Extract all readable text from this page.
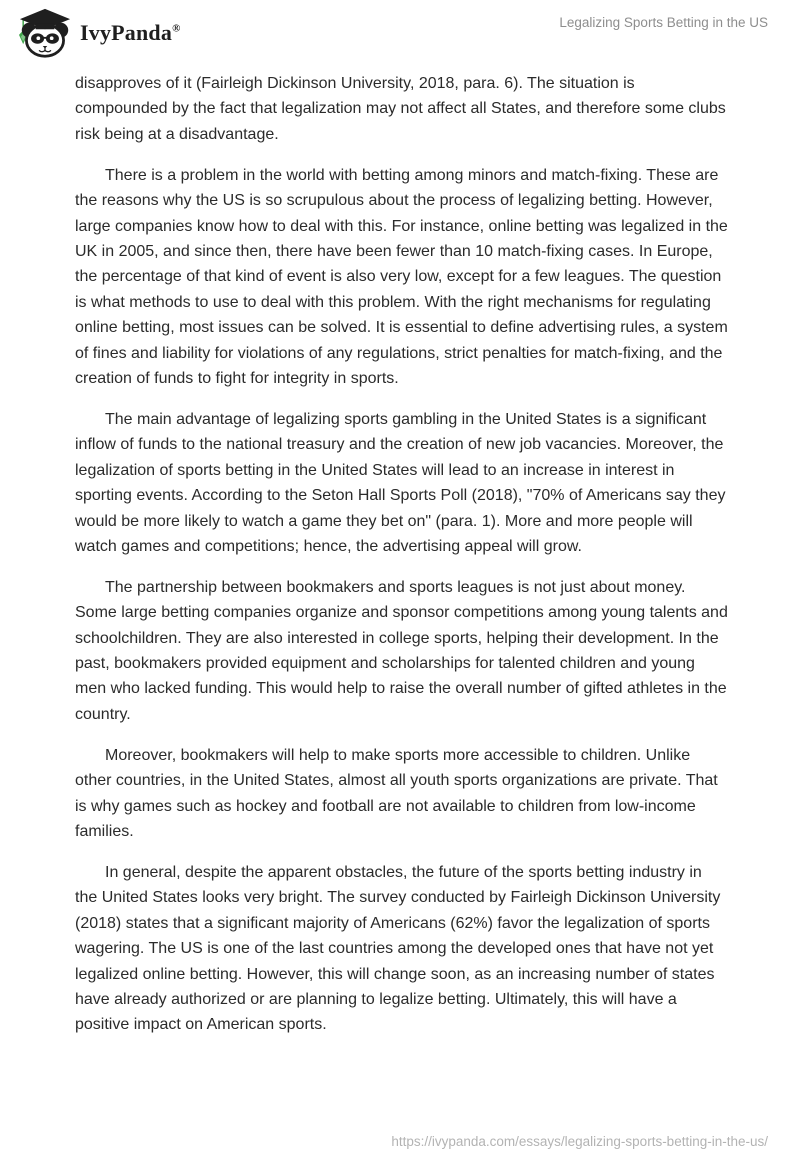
IvyPanda®	Legalizing Sports Betting in the US

disapproves of it (Fairleigh Dickinson University, 2018, para. 6). The situation is compounded by the fact that legalization may not affect all States, and therefore some clubs risk being at a disadvantage.

There is a problem in the world with betting among minors and match-fixing. These are the reasons why the US is so scrupulous about the process of legalizing betting. However, large companies know how to deal with this. For instance, online betting was legalized in the UK in 2005, and since then, there have been fewer than 10 match-fixing cases. In Europe, the percentage of that kind of event is also very low, except for a few leagues. The question is what methods to use to deal with this problem. With the right mechanisms for regulating online betting, most issues can be solved. It is essential to define advertising rules, a system of fines and liability for violations of any regulations, strict penalties for match-fixing, and the creation of funds to fight for integrity in sports.

The main advantage of legalizing sports gambling in the United States is a significant inflow of funds to the national treasury and the creation of new job vacancies. Moreover, the legalization of sports betting in the United States will lead to an increase in interest in sporting events. According to the Seton Hall Sports Poll (2018), "70% of Americans say they would be more likely to watch a game they bet on" (para. 1). More and more people will watch games and competitions; hence, the advertising appeal will grow.

The partnership between bookmakers and sports leagues is not just about money. Some large betting companies organize and sponsor competitions among young talents and schoolchildren. They are also interested in college sports, helping their development. In the past, bookmakers provided equipment and scholarships for talented children and young men who lacked funding. This would help to raise the overall number of gifted athletes in the country.

Moreover, bookmakers will help to make sports more accessible to children. Unlike other countries, in the United States, almost all youth sports organizations are private. That is why games such as hockey and football are not available to children from low-income families.

In general, despite the apparent obstacles, the future of the sports betting industry in the United States looks very bright. The survey conducted by Fairleigh Dickinson University (2018) states that a significant majority of Americans (62%) favor the legalization of sports wagering. The US is one of the last countries among the developed ones that have not yet legalized online betting. However, this will change soon, as an increasing number of states have already authorized or are planning to legalize betting. Ultimately, this will have a positive impact on American sports.

https://ivypanda.com/essays/legalizing-sports-betting-in-the-us/
